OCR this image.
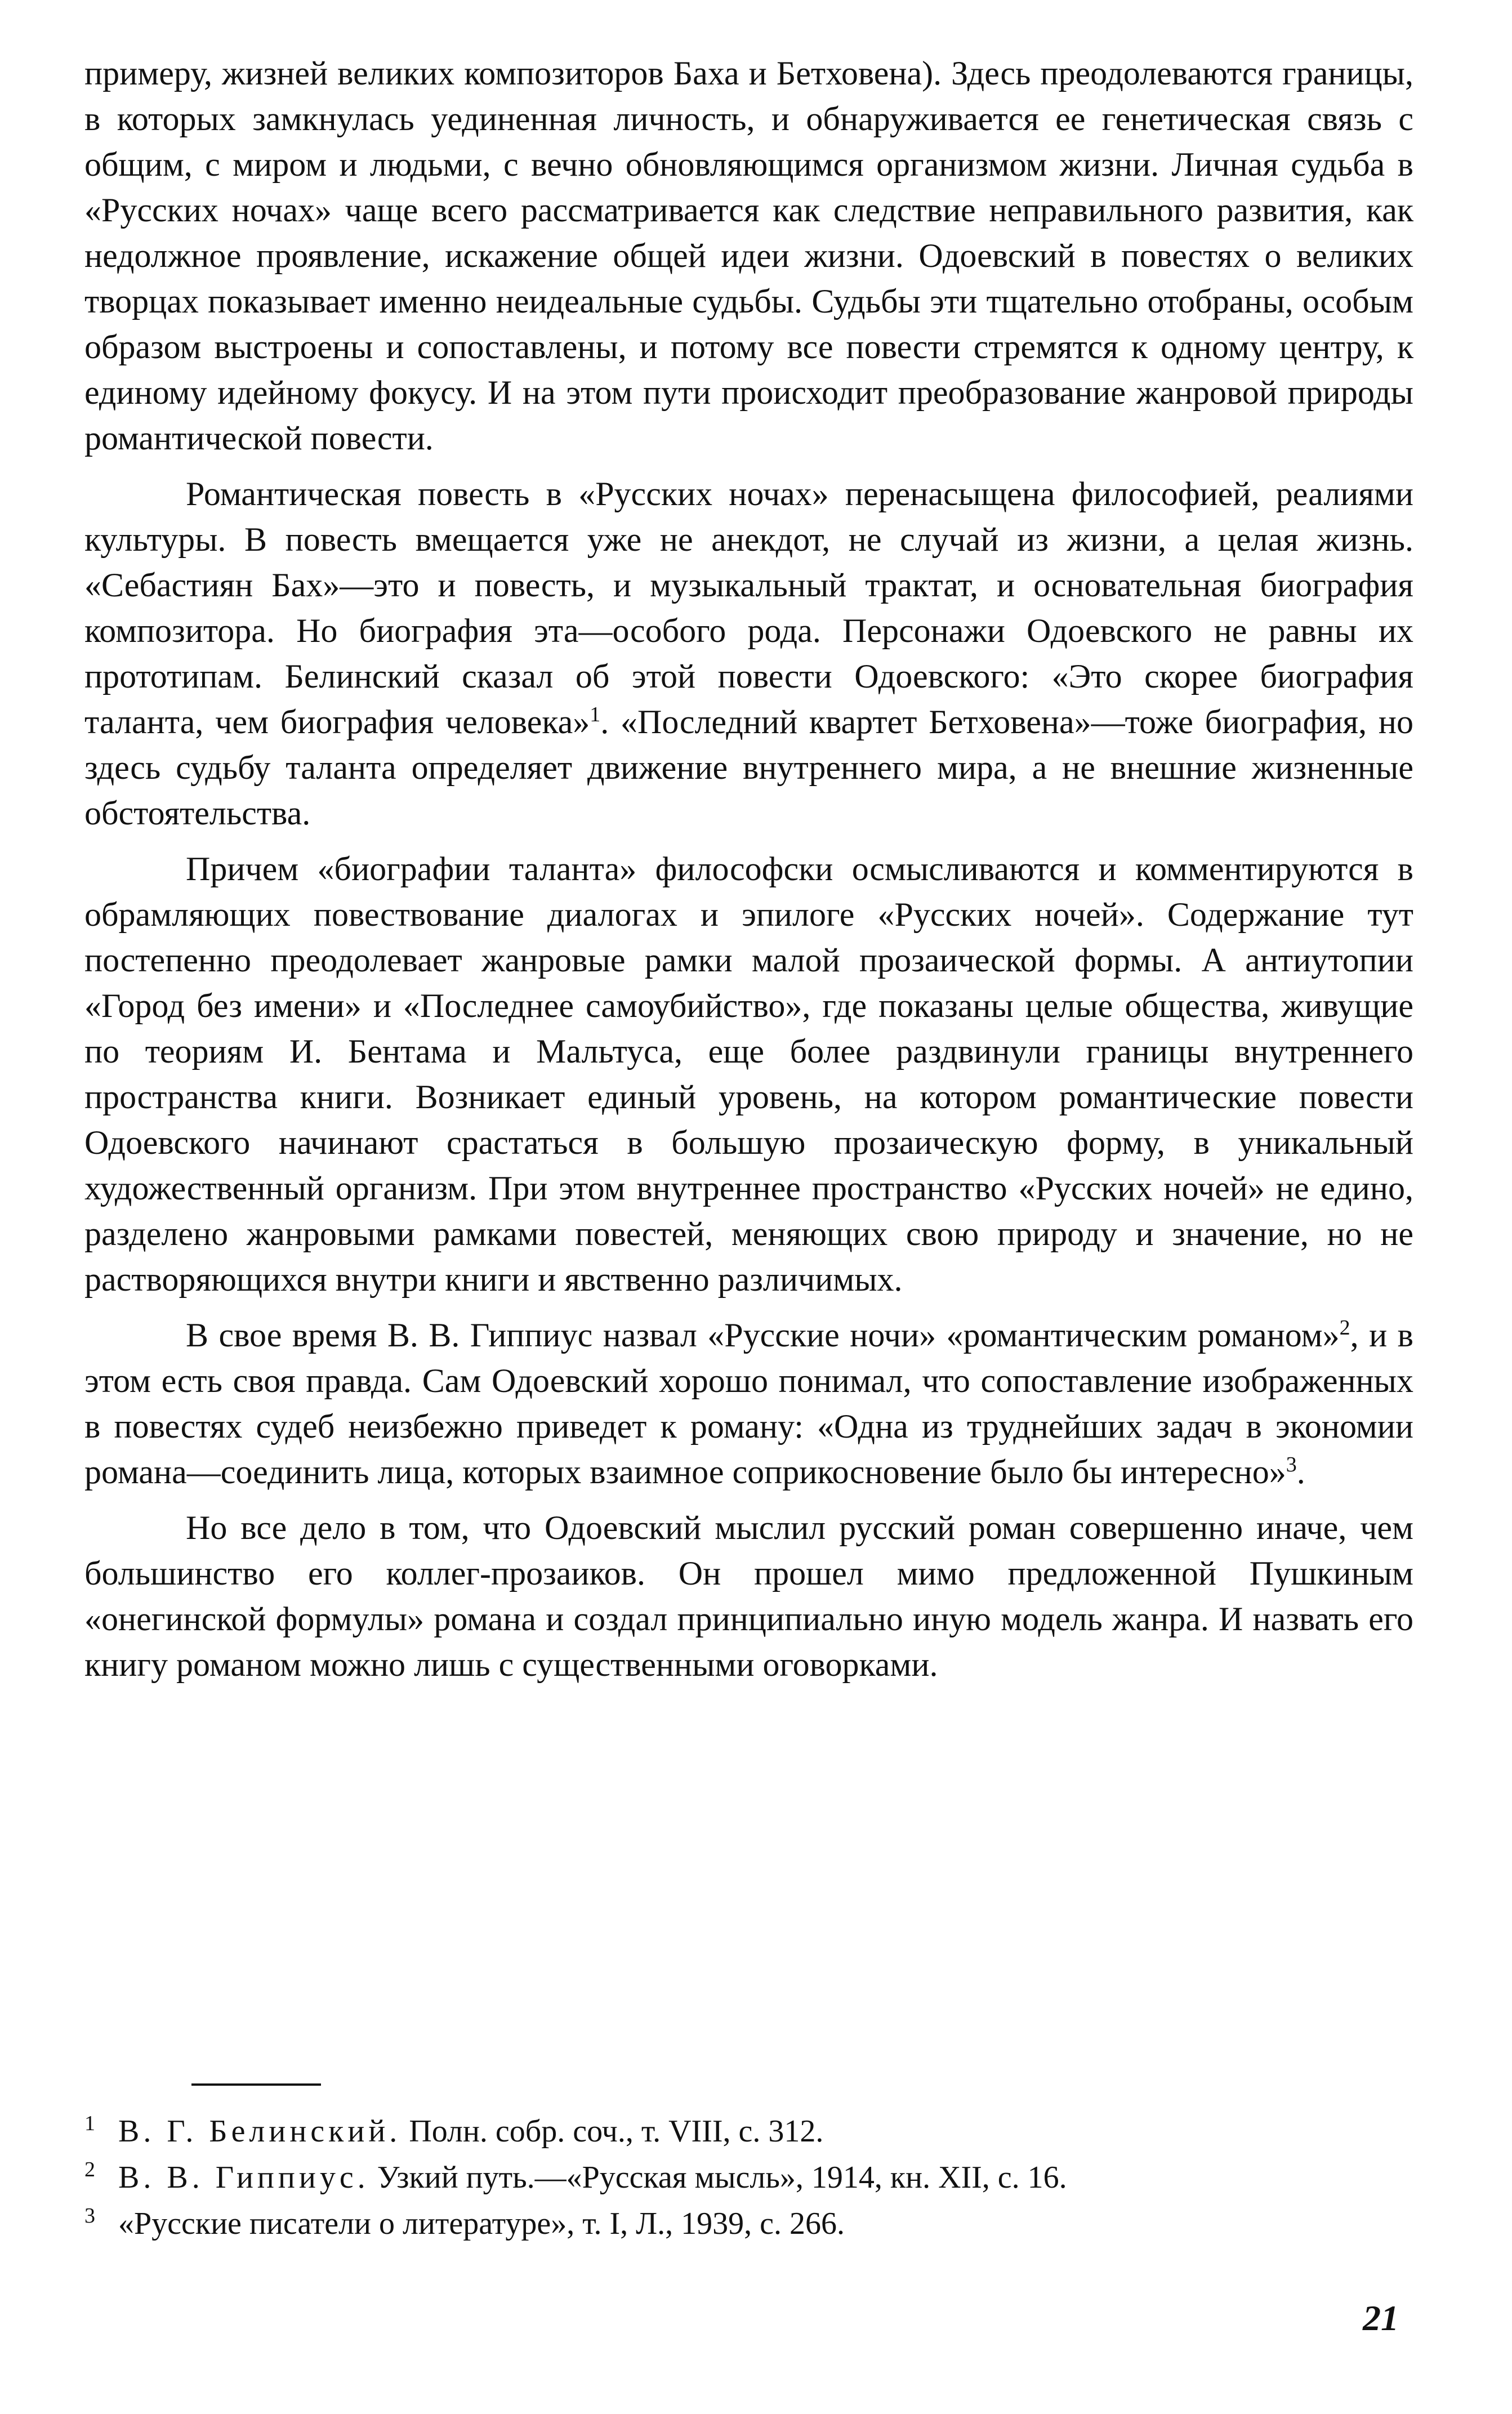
примеру, жизней великих композиторов Баха и Бетховена). Здесь преодолеваются границы, в которых замкнулась уединенная личность, и обнаруживается ее генетическая связь с общим, с миром и людьми, с вечно обновляющимся организмом жизни. Личная судьба в «Русских ночах» чаще всего рассматривается как следствие неправильного развития, как недолжное проявление, искажение общей идеи жизни. Одоевский в повестях о великих творцах показывает именно неидеальные судьбы. Судьбы эти тщательно отобраны, особым образом выстроены и сопоставлены, и потому все повести стремятся к одному центру, к единому идейному фокусу. И на этом пути происходит преобразование жанровой природы романтической повести.

Романтическая повесть в «Русских ночах» перенасыщена философией, реалиями культуры. В повесть вмещается уже не анекдот, не случай из жизни, а целая жизнь. «Себастиян Бах»—это и повесть, и музыкальный трактат, и основательная биография композитора. Но биография эта—особого рода. Персонажи Одоевского не равны их прототипам. Белинский сказал об этой повести Одоевского: «Это скорее биография таланта, чем биография человека»$^1$. «Последний квартет Бетховена»—тоже биография, но здесь судьбу таланта определяет движение внутреннего мира, а не внешние жизненные обстоятельства.

Причем «биографии таланта» философски осмысливаются и комментируются в обрамляющих повествование диалогах и эпилоге «Русских ночей». Содержание тут постепенно преодолевает жанровые рамки малой прозаической формы. А антиутопии «Город без имени» и «Последнее самоубийство», где показаны целые общества, живущие по теориям И. Бентама и Мальтуса, еще более раздвинули границы внутреннего пространства книги. Возникает единый уровень, на котором романтические повести Одоевского начинают срастаться в большую прозаическую форму, в уникальный художественный организм. При этом внутреннее пространство «Русских ночей» не едино, разделено жанровыми рамками повестей, меняющих свою природу и значение, но не растворяющихся внутри книги и явственно различимых.

В свое время В. В. Гиппиус назвал «Русские ночи» «романтическим романом»$^2$, и в этом есть своя правда. Сам Одоевский хорошо понимал, что сопоставление изображенных в повестях судеб неизбежно приведет к роману: «Одна из труднейших задач в экономии романа—соединить лица, которых взаимное соприкосновение было бы интересно»$^3$.

Но все дело в том, что Одоевский мыслил русский роман совершенно иначе, чем большинство его коллег-прозаиков. Он прошел мимо предложенной Пушкиным «онегинской формулы» романа и создал принципиально иную модель жанра. И назвать его книгу романом можно лишь с существенными оговорками.

$^1$ В. Г. Белинский. Полн. собр. соч., т. VIII, с. 312.

$^2$ В. В. Гиппиус. Узкий путь.—«Русская мысль», 1914, кн. XII, с. 16.

$^3$ «Русские писатели о литературе», т. I, Л., 1939, с. 266.

21
